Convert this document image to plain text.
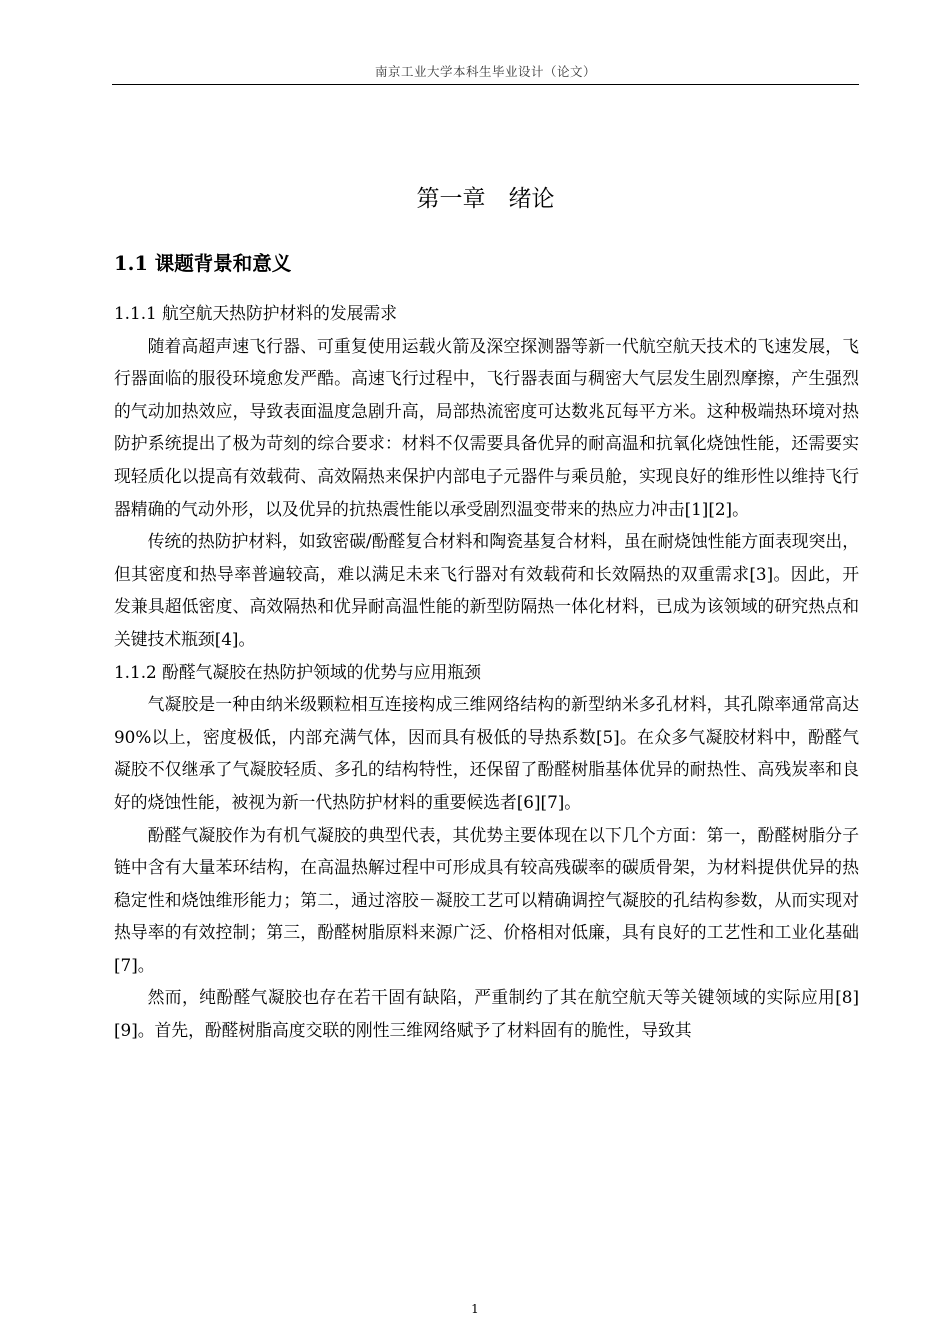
南京工业大学本科生毕业设计（论文）
第一章　绪论
1.1 课题背景和意义

1.1.1 航空航天热防护材料的发展需求

随着高超声速飞行器、可重复使用运载火箭及深空探测器等新一代航空航天技术的飞速发展，飞行器面临的服役环境愈发严酷。高速飞行过程中，飞行器表面与稠密大气层发生剧烈摩擦，产生强烈的气动加热效应，导致表面温度急剧升高，局部热流密度可达数兆瓦每平方米。这种极端热环境对热防护系统提出了极为苛刻的综合要求：材料不仅需要具备优异的耐高温和抗氧化烧蚀性能，还需要实现轻质化以提高有效载荷、高效隔热来保护内部电子元器件与乘员舱，实现良好的维形性以维持飞行器精确的气动外形，以及优异的抗热震性能以承受剧烈温变带来的热应力冲击[1][2]。

传统的热防护材料，如致密碳/酚醛复合材料和陶瓷基复合材料，虽在耐烧蚀性能方面表现突出，但其密度和热导率普遍较高，难以满足未来飞行器对有效载荷和长效隔热的双重需求[3]。因此，开发兼具超低密度、高效隔热和优异耐高温性能的新型防隔热一体化材料，已成为该领域的研究热点和关键技术瓶颈[4]。

1.1.2 酚醛气凝胶在热防护领域的优势与应用瓶颈

气凝胶是一种由纳米级颗粒相互连接构成三维网络结构的新型纳米多孔材料，其孔隙率通常高达 90%以上，密度极低，内部充满气体，因而具有极低的导热系数[5]。在众多气凝胶材料中，酚醛气凝胶不仅继承了气凝胶轻质、多孔的结构特性，还保留了酚醛树脂基体优异的耐热性、高残炭率和良好的烧蚀性能，被视为新一代热防护材料的重要候选者[6][7]。

酚醛气凝胶作为有机气凝胶的典型代表，其优势主要体现在以下几个方面：第一，酚醛树脂分子链中含有大量苯环结构，在高温热解过程中可形成具有较高残碳率的碳质骨架，为材料提供优异的热稳定性和烧蚀维形能力；第二，通过溶胶－凝胶工艺可以精确调控气凝胶的孔结构参数，从而实现对热导率的有效控制；第三，酚醛树脂原料来源广泛、价格相对低廉，具有良好的工艺性和工业化基础[7]。

然而，纯酚醛气凝胶也存在若干固有缺陷，严重制约了其在航空航天等关键领域的实际应用[8][9]。首先，酚醛树脂高度交联的刚性三维网络赋予了材料固有的脆性，导致其

1
